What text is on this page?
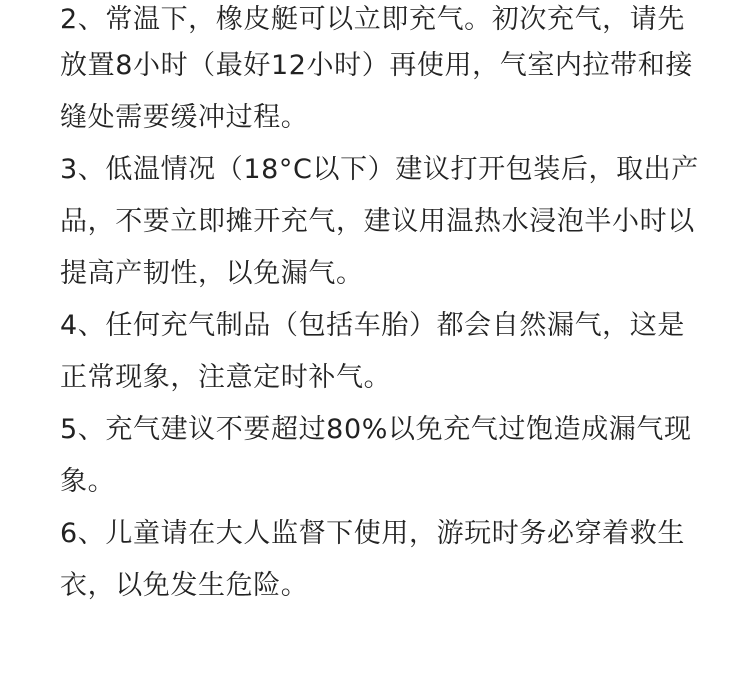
2、常温下，橡皮艇可以立即充气。初次充气，请先
放置8小时（最好12小时）再使用，气室内拉带和接
缝处需要缓冲过程。
3、低温情况（18°C以下）建议打开包装后，取出产
品，不要立即摊开充气，建议用温热水浸泡半小时以
提高产韧性，以免漏气。
4、任何充气制品（包括车胎）都会自然漏气，这是
正常现象，注意定时补气。
5、充气建议不要超过80%以免充气过饱造成漏气现
象。
6、儿童请在大人监督下使用，游玩时务必穿着救生
衣，以免发生危险。
